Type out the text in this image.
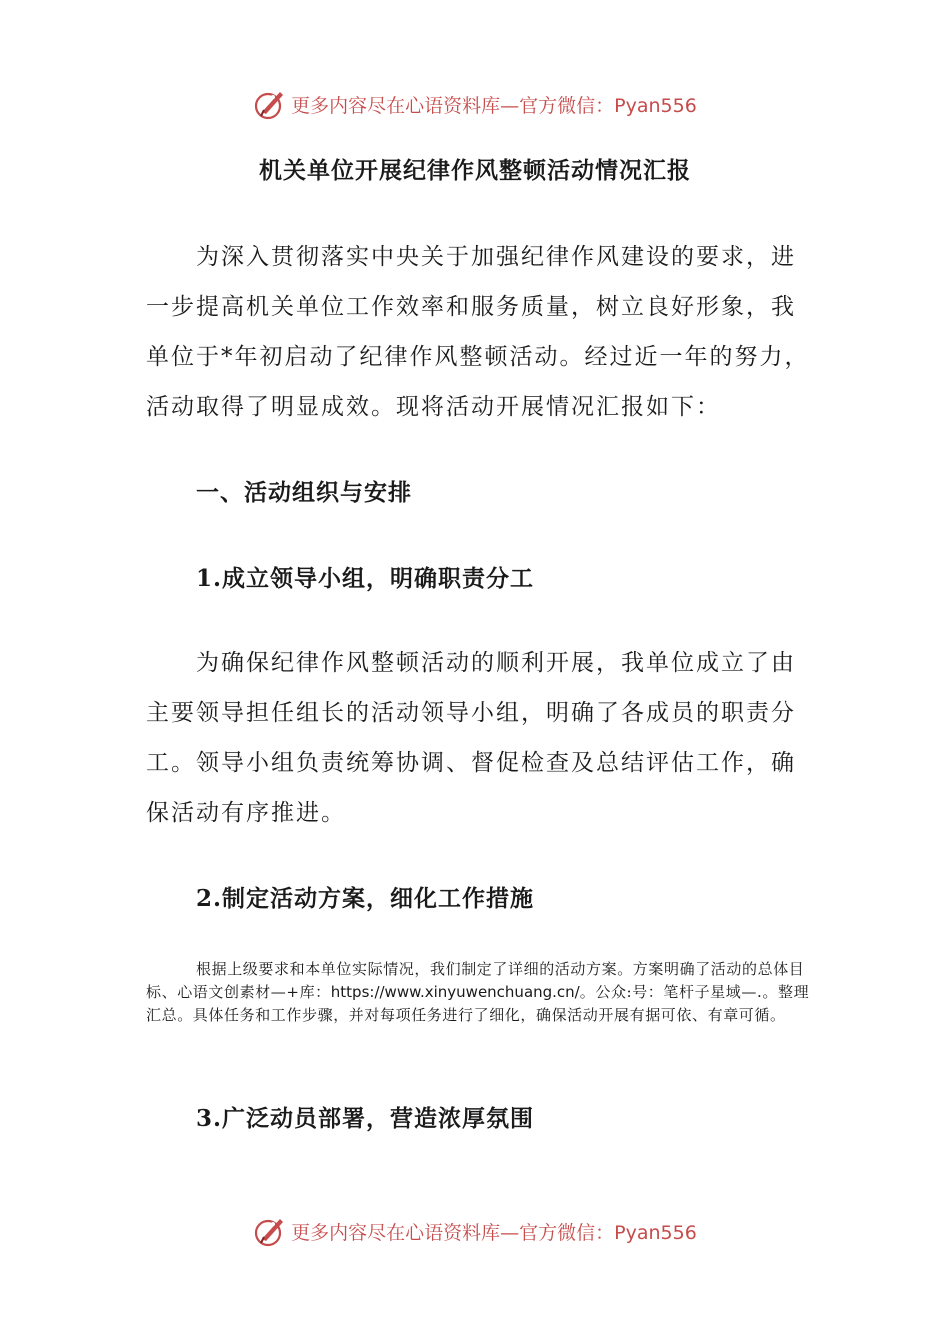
更多内容尽在心语资料库—官方微信：Pyan556
机关单位开展纪律作风整顿活动情况汇报

为深入贯彻落实中央关于加强纪律作风建设的要求，进一步提高机关单位工作效率和服务质量，树立良好形象，我单位于*年初启动了纪律作风整顿活动。经过近一年的努力，活动取得了明显成效。现将活动开展情况汇报如下：

一、活动组织与安排
1.成立领导小组，明确职责分工

为确保纪律作风整顿活动的顺利开展，我单位成立了由主要领导担任组长的活动领导小组，明确了各成员的职责分工。领导小组负责统筹协调、督促检查及总结评估工作，确保活动有序推进。

2.制定活动方案，细化工作措施

根据上级要求和本单位实际情况，我们制定了详细的活动方案。方案明确了活动的总体目标、心语文创素材—+库：https://www.xinyuwenchuang.cn/。公众:号：笔杆子星域—.。整理汇总。具体任务和工作步骤，并对每项任务进行了细化，确保活动开展有据可依、有章可循。

3.广泛动员部署，营造浓厚氛围
更多内容尽在心语资料库—官方微信：Pyan556
